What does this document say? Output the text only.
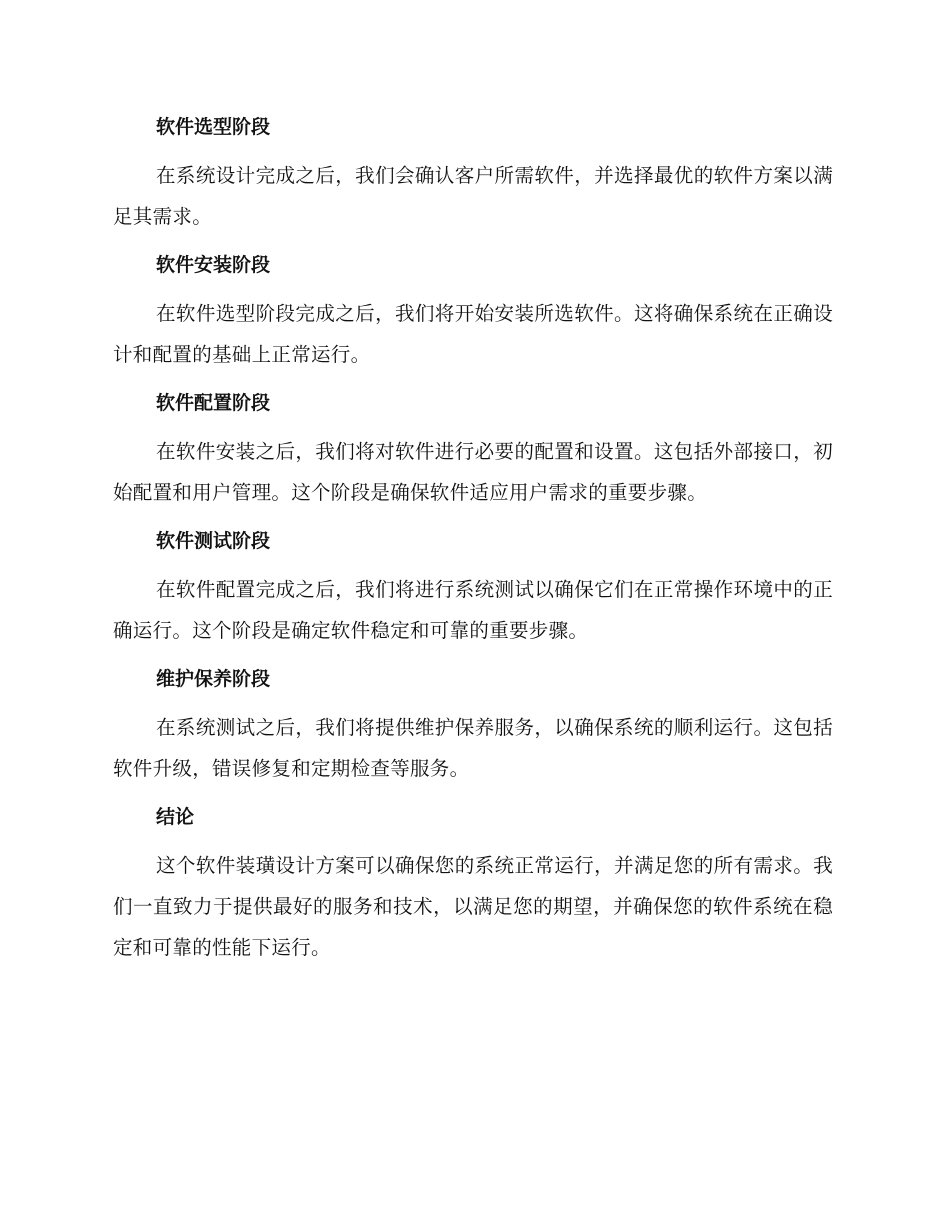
软件选型阶段

在系统设计完成之后，我们会确认客户所需软件，并选择最优的软件方案以满足其需求。

软件安装阶段

在软件选型阶段完成之后，我们将开始安装所选软件。这将确保系统在正确设计和配置的基础上正常运行。

软件配置阶段

在软件安装之后，我们将对软件进行必要的配置和设置。这包括外部接口，初始配置和用户管理。这个阶段是确保软件适应用户需求的重要步骤。

软件测试阶段

在软件配置完成之后，我们将进行系统测试以确保它们在正常操作环境中的正确运行。这个阶段是确定软件稳定和可靠的重要步骤。

维护保养阶段

在系统测试之后，我们将提供维护保养服务，以确保系统的顺利运行。这包括软件升级，错误修复和定期检查等服务。

结论

这个软件装璜设计方案可以确保您的系统正常运行，并满足您的所有需求。我们一直致力于提供最好的服务和技术，以满足您的期望，并确保您的软件系统在稳定和可靠的性能下运行。
